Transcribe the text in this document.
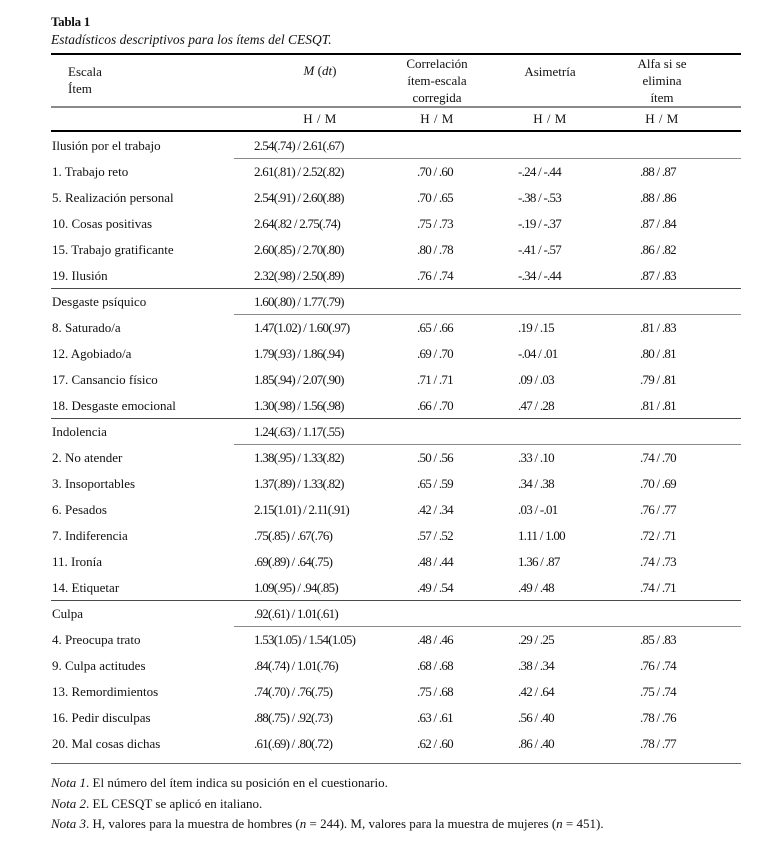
Tabla 1
Estadísticos descriptivos para los ítems del CESQT.
Escala
Ítem
M (dt)	Correlación
ítem-escala
corregida
Asimetría
Alfa si se
elimina
ítem
H / M	H / M	H / M	H / M
Ilusión por el trabajo	2.54(.74) / 2.61(.67)
1. Trabajo reto	2.61(.81) / 2.52(.82)	.70 / .60	-.24 / -.44	.88 / .87
5. Realización personal	2.54(.91) / 2.60(.88)	.70 / .65	-.38 / -.53	.88 / .86
10. Cosas positivas	2.64(.82 / 2.75(.74)	.75 / .73	-.19 / -.37	.87 / .84
15. Trabajo gratificante	2.60(.85) / 2.70(.80)	.80 / .78	-.41 / -.57	.86 / .82
19. Ilusión	2.32(.98) / 2.50(.89)	.76 / .74	-.34 / -.44	.87 / .83
Desgaste psíquico	1.60(.80) / 1.77(.79)
8. Saturado/a	1.47(1.02) / 1.60(.97)	.65 / .66	.19 / .15	.81 / .83
12. Agobiado/a	1.79(.93) / 1.86(.94)	.69 / .70	-.04 / .01	.80 / .81
17. Cansancio físico	1.85(.94) / 2.07(.90)	.71 / .71	.09 / .03	.79 / .81
18. Desgaste emocional	1.30(.98) / 1.56(.98)	.66 / .70	.47 / .28	.81 / .81
Indolencia	1.24(.63) / 1.17(.55)
2. No atender	1.38(.95) / 1.33(.82)	.50 / .56	.33 / .10	.74 / .70
3. Insoportables	1.37(.89) / 1.33(.82)	.65 / .59	.34 / .38	.70 / .69
6. Pesados	2.15(1.01) / 2.11(.91)	.42 / .34	.03 / -.01	.76 / .77
7. Indiferencia	.75(.85) / .67(.76)	.57 / .52	1.11 / 1.00	.72 / .71
11. Ironía	.69(.89) / .64(.75)	.48 / .44	1.36 / .87	.74 / .73
14. Etiquetar	1.09(.95) / .94(.85)	.49 / .54	.49 / .48	.74 / .71
Culpa	.92(.61) / 1.01(.61)
4. Preocupa trato	1.53(1.05) / 1.54(1.05)	.48 / .46	.29 / .25	.85 / .83
9. Culpa actitudes	.84(.74) / 1.01(.76)	.68 / .68	.38 / .34	.76 / .74
13. Remordimientos	.74(.70) / .76(.75)	.75 / .68	.42 / .64	.75 / .74
16. Pedir disculpas	.88(.75) / .92(.73)	.63 / .61	.56 / .40	.78 / .76
20. Mal cosas dichas	.61(.69) / .80(.72)	.62 / .60	.86 / .40	.78 / .77
Nota 1. El número del ítem indica su posición en el cuestionario.
Nota 2. EL CESQT se aplicó en italiano.
Nota 3. H, valores para la muestra de hombres (n = 244). M, valores para la muestra de mujeres (n = 451).
